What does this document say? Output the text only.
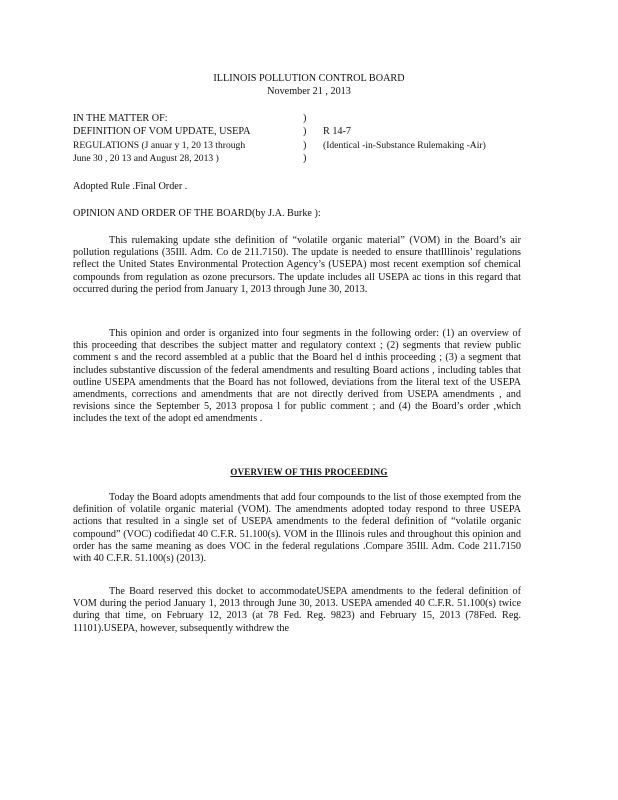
ILLINOIS POLLUTION CONTROL BOARD
November 21 , 2013
IN THE MATTER OF:
DEFINITION OF VOM UPDATE, USEPA
REGULATIONS (J anuar y 1, 20 13 through
June 30 , 20 13 and August 28, 2013 )
)
)
)
)
R 14-7
(Identical -in-Substance Rulemaking -Air)
Adopted Rule .Final Order .
OPINION AND ORDER OF THE BOARD(by J.A. Burke ):

This rulemaking update sthe definition of “volatile organic material” (VOM) in the Board’s air pollution regulations (35Ill. Adm. Co de 211.7150). The update is needed to ensure thatIllinois’ regulations reflect the United States Environmental Protection Agency’s (USEPA) most recent exemption sof chemical compounds from regulation as ozone precursors. The update includes all USEPA ac tions in this regard that occurred during the period from January 1, 2013 through June 30, 2013.

This opinion and order is organized into four segments in the following order: (1) an overview of this proceeding that describes the subject matter and regulatory context ; (2) segments that review public comment s and the record assembled at a public that the Board hel d inthis proceeding ; (3) a segment that includes substantive discussion of the federal amendments and resulting Board actions , including tables that outline USEPA amendments that the Board has not followed, deviations from the literal text of the USEPA amendments, corrections and amendments that are not directly derived from USEPA amendments , and revisions since the September 5, 2013 proposa l for public comment ; and (4) the Board’s order ,which includes the text of the adopt ed amendments .

OVERVIEW OF THIS PROCEEDING

Today the Board adopts amendments that add four compounds to the list of those exempted from the definition of volatile organic material (VOM). The amendments adopted today respond to three USEPA actions that resulted in a single set of USEPA amendments to the federal definition of “volatile organic compound” (VOC) codifiedat 40 C.F.R. 51.100(s). VOM in the Illinois rules and throughout this opinion and order has the same meaning as does VOC in the federal regulations .Compare 35Ill. Adm. Code 211.7150 with 40 C.F.R. 51.100(s) (2013).

The Board reserved this docket to accommodateUSEPA amendments to the federal definition of VOM during the period January 1, 2013 through June 30, 2013. USEPA amended 40 C.F.R. 51.100(s) twice during that time, on February 12, 2013 (at 78 Fed. Reg. 9823) and February 15, 2013 (78Fed. Reg. 11101).USEPA, however, subsequently withdrew the
